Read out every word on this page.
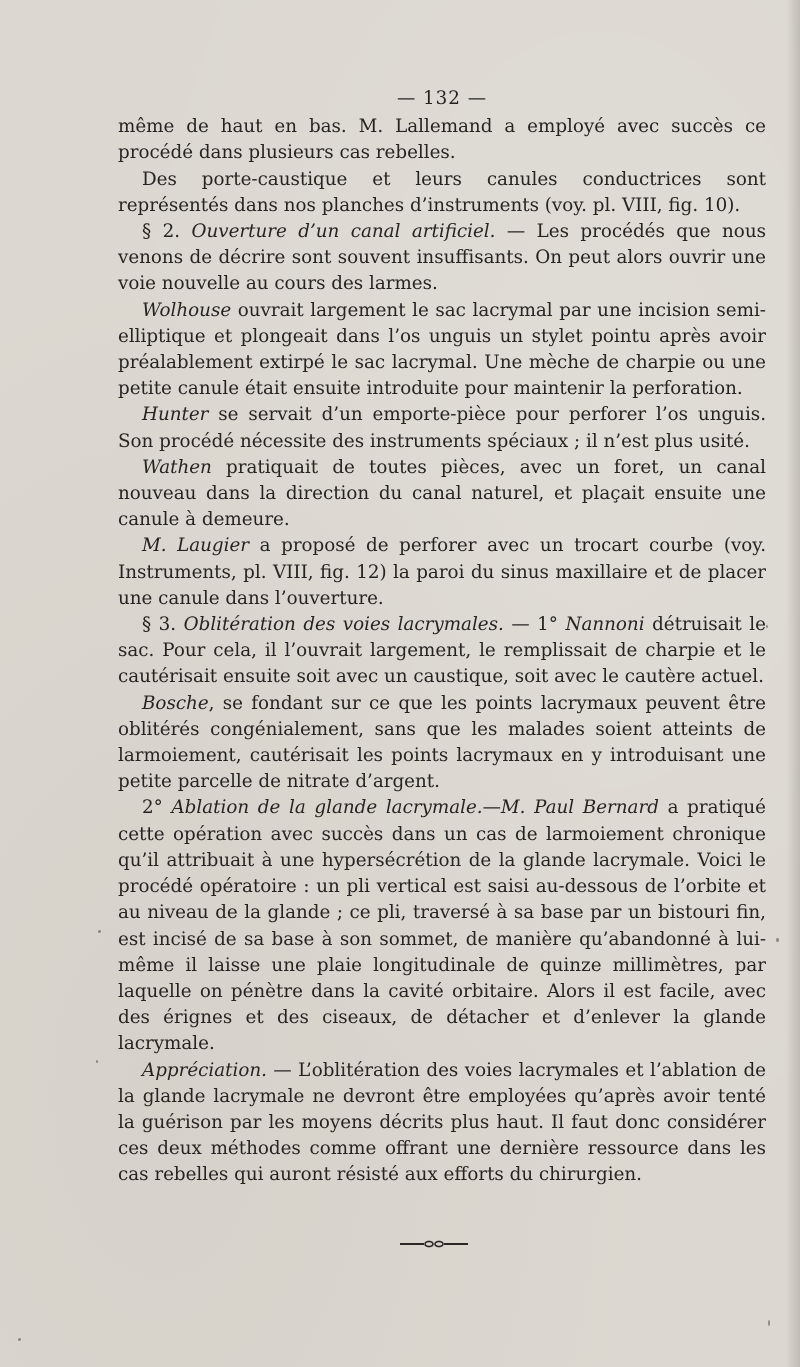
— 132 —

même de haut en bas. M. Lallemand a employé avec succès ce procédé dans plusieurs cas rebelles.

Des porte-caustique et leurs canules conductrices sont représentés dans nos planches d’instruments (voy. pl. VIII, fig. 10).

§ 2. Ouverture d’un canal artificiel. — Les procédés que nous venons de décrire sont souvent insuffisants. On peut alors ouvrir une voie nouvelle au cours des larmes.

Wolhouse ouvrait largement le sac lacrymal par une incision semi-elliptique et plongeait dans l’os unguis un stylet pointu après avoir préalablement extirpé le sac lacrymal. Une mèche de charpie ou une petite canule était ensuite introduite pour maintenir la perforation.

Hunter se servait d’un emporte-pièce pour perforer l’os unguis. Son procédé nécessite des instruments spéciaux ; il n’est plus usité.

Wathen pratiquait de toutes pièces, avec un foret, un canal nouveau dans la direction du canal naturel, et plaçait ensuite une canule à demeure.

M. Laugier a proposé de perforer avec un trocart courbe (voy. Instruments, pl. VIII, fig. 12) la paroi du sinus maxillaire et de placer une canule dans l’ouverture.

§ 3. Oblitération des voies lacrymales. — 1° Nannoni détruisait le sac. Pour cela, il l’ouvrait largement, le remplissait de charpie et le cautérisait ensuite soit avec un caustique, soit avec le cautère actuel.

Bosche, se fondant sur ce que les points lacrymaux peuvent être oblitérés congénialement, sans que les malades soient atteints de larmoiement, cautérisait les points lacrymaux en y introduisant une petite parcelle de nitrate d’argent.

2° Ablation de la glande lacrymale.—M. Paul Bernard a pratiqué cette opération avec succès dans un cas de larmoiement chronique qu’il attribuait à une hypersécrétion de la glande lacrymale. Voici le procédé opératoire : un pli vertical est saisi au-dessous de l’orbite et au niveau de la glande ; ce pli, traversé à sa base par un bistouri fin, est incisé de sa base à son sommet, de manière qu’abandonné à lui-même il laisse une plaie longitudinale de quinze millimètres, par laquelle on pénètre dans la cavité orbitaire. Alors il est facile, avec des érignes et des ciseaux, de détacher et d’enlever la glande lacrymale.

Appréciation. — L’oblitération des voies lacrymales et l’ablation de la glande lacrymale ne devront être employées qu’après avoir tenté la guérison par les moyens décrits plus haut. Il faut donc considérer ces deux méthodes comme offrant une dernière ressource dans les cas rebelles qui auront résisté aux efforts du chirurgien.
